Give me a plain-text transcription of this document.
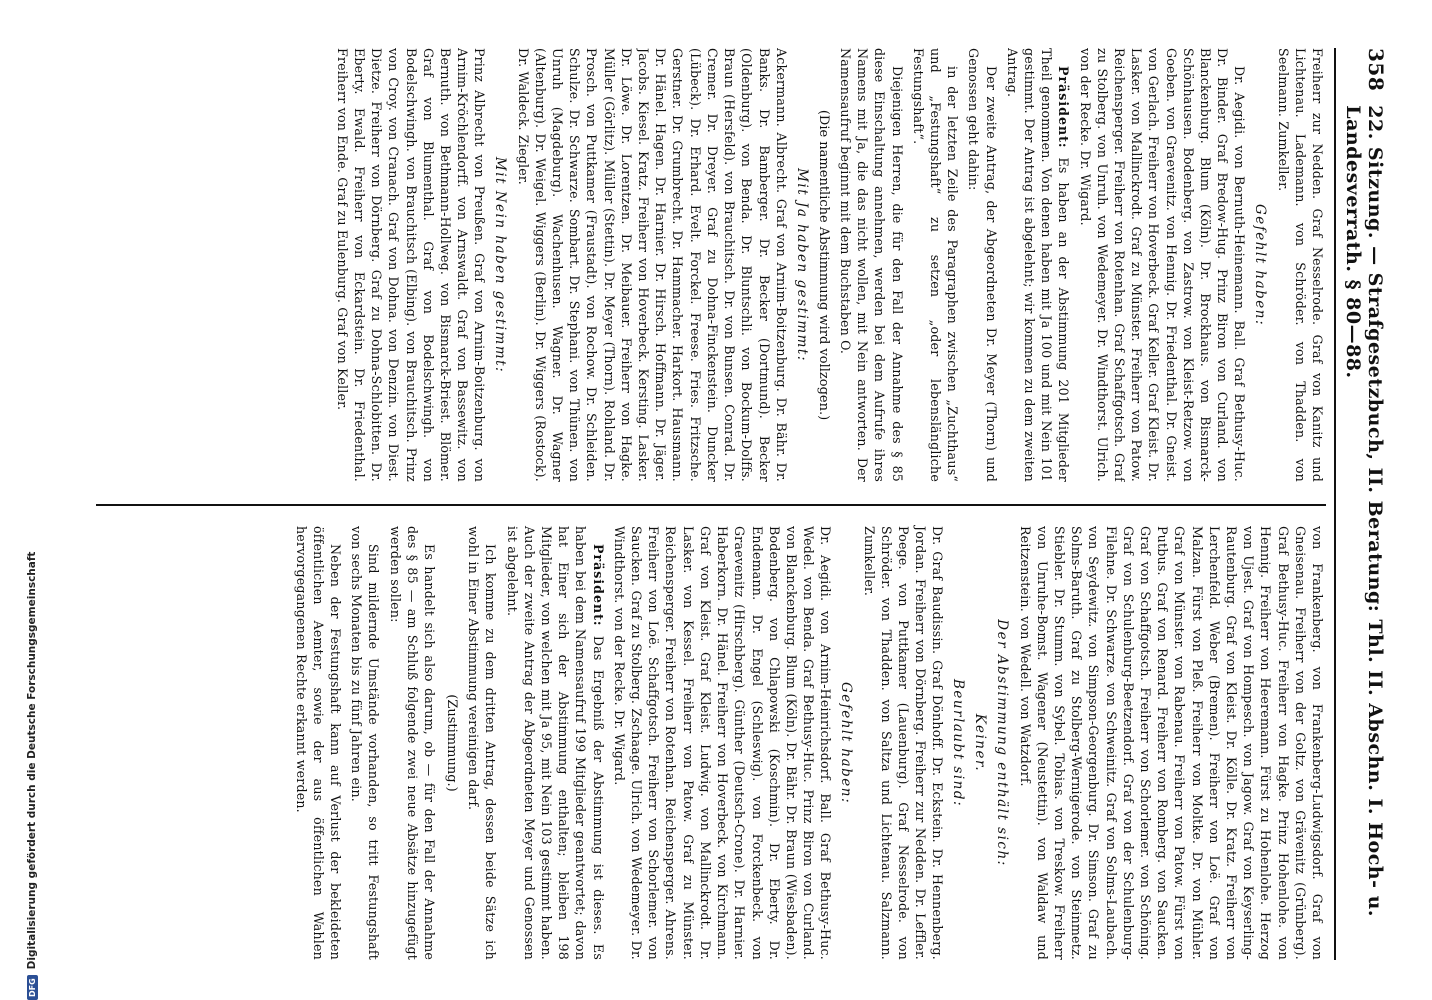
DFG
Digitalisierung gefördert durch die Deutsche Forschungsgemeinschaft
358
22. Sitzung. — Strafgesetzbuch, II. Beratung: Thl. II. Abschn. I. Hoch- u. Landesverrath. § 80—88.

Freiherr zur Nedden. Graf Nesselrode. Graf von Kanitz und Lichtenau. Lademann. von Schröder. von Thadden. von Seelmann. Zumkeller.

Gefehlt haben:

Dr. Aegidi. von Bernuth-Heinemann. Ball. Graf Bethusy-Huc. Dr. Binder. Graf Bredow-Hug. Prinz Biron von Curland. von Blanckenburg. Blum (Köln). Dr. Brockhaus. von Bismarck-Schönhausen. Bodenberg. von Zastrow. von Kleist-Retzow. von Goeben. von Graevenitz. von Hennig. Dr. Friedenthal. Dr. Gneist. von Gerlach. Freiherr von Hoverbeck. Graf Keller. Graf Kleist. Dr. Lasker. von Mallinckrodt. Graf zu Münster. Freiherr von Patow. Reichensperger. Freiherr von Rotenhan. Graf Schaffgotsch. Graf zu Stolberg. von Unruh. von Wedemeyer. Dr. Windthorst. Ulrich. von der Recke. Dr. Wigard.

Präsident: Es haben an der Abstimmung 201 Mitglieder Theil genommen. Von denen haben mit Ja 100 und mit Nein 101 gestimmt. Der Antrag ist abgelehnt; wir kommen zu dem zweiten Antrag.

Der zweite Antrag, der Abgeordneten Dr. Meyer (Thorn) und Genossen geht dahin:

in der letzten Zeile des Paragraphen zwischen „Zuchthaus“ und „Festungshaft“ zu setzen „oder lebenslängliche Festungshaft“.

Diejenigen Herren, die für den Fall der Annahme des § 85 diese Einschaltung annehmen, werden bei dem Aufrufe ihres Namens mit Ja, die das nicht wollen, mit Nein antworten. Der Namensaufruf beginnt mit dem Buchstaben O.

(Die namentliche Abstimmung wird vollzogen.)
Mit Ja haben gestimmt:

Ackermann. Albrecht. Graf von Arnim-Boitzenburg. Dr. Bähr. Dr. Banks. Dr. Bamberger. Dr. Becker (Dortmund). Becker (Oldenburg). von Benda. Dr. Bluntschli. von Bockum-Dolffs. Braun (Hersfeld). von Brauchitsch. Dr. von Bunsen. Conrad. Dr. Cremer. Dr. Dreyer. Graf zu Dohna-Finckenstein. Duncker (Lübeck). Dr. Erhard. Evelt. Forckel. Freese. Fries. Fritzsche. Gerstner. Dr. Grumbrecht. Dr. Hammacher. Harkort. Hausmann. Dr. Hänel. Hagen. Dr. Harnier. Dr. Hirsch. Hoffmann. Dr. Jäger. Jacobs. Kiesel. Kratz. Freiherr von Hoverbeck. Kersting. Lasker. Dr. Löwe. Dr. Lorentzen. Dr. Meibauer. Freiherr von Hagke. Müller (Görlitz). Müller (Stettin). Dr. Meyer (Thorn). Rohland. Dr. Prosch. von Puttkamer (Fraustadt). von Rochow. Dr. Schleiden. Schulze. Dr. Schwarze. Sombart. Dr. Stephani. von Thünen. von Unruh (Magdeburg). Wachenhusen. Wagner. Dr. Wagner (Altenburg). Dr. Weigel. Wiggers (Berlin). Dr. Wiggers (Rostock). Dr. Waldeck. Ziegler.

Mit Nein haben gestimmt:

Prinz Albrecht von Preußen. Graf von Arnim-Boitzenburg. von Arnim-Kröchlendorff. von Arnswaldt. Graf von Bassewitz. von Bernuth. von Bethmann-Hollweg. von Bismarck-Briest. Blömer. Graf von Blumenthal. Graf von Bodelschwingh. von Bodelschwingh. von Brauchitsch (Elbing). von Brauchitsch. Prinz von Croy. von Cranach. Graf von Dohna. von Denzin. von Diest. Dietze. Freiherr von Dörnberg. Graf zu Dohna-Schlobitten. Dr. Eberty. Ewald. Freiherr von Eckardstein. Dr. Friedenthal. Freiherr von Ende. Graf zu Eulenburg. Graf von Keller.

von Frankenberg. von Frankenberg-Ludwigsdorf. Graf von Gneisenau. Freiherr von der Goltz. von Grävenitz (Grünberg). Graf Bethusy-Huc. Freiherr von Hagke. Prinz Hohenlohe. von Hennig. Freiherr von Heeremann. Fürst zu Hohenlohe. Herzog von Ujest. Graf von Hompesch. von Jagow. Graf von Keyserling-Rautenburg. Graf von Kleist. Dr. Kölle. Dr. Kratz. Freiherr von Lerchenfeld. Weber (Bremen). Freiherr von Loë. Graf von Malzan. Fürst von Pleß. Freiherr von Moltke. Dr. von Mühler. Graf von Münster. von Rabenau. Freiherr von Patow. Fürst von Putbus. Graf von Renard. Freiherr von Romberg. von Saucken. Graf von Schaffgotsch. Freiherr von Schorlemer. von Schöning. Graf von Schulenburg-Beetzendorf. Graf von der Schulenburg-Filehne. Dr. Schwarze. von Schweinitz. Graf von Solms-Laubach. von Seydewitz. von Simpson-Georgenburg. Dr. Simson. Graf zu Solms-Baruth. Graf zu Stolberg-Wernigerode. von Steinmetz. Stiebler. Dr. Stumm. von Sybel. Tobias. von Treskow. Freiherr von Unruhe-Bomst. Wagener (Neustettin). von Waldaw und Reitzenstein. von Wedell. von Watzdorf.

Der Abstimmung enthält sich:
Keiner.
Beurlaubt sind:

Dr. Graf Baudissin. Graf Dönhoff. Dr. Eckstein. Dr. Hennenberg. Jordan. Freiherr von Dörnberg. Freiherr zur Nedden. Dr. Leffler. Poege. von Puttkamer (Lauenburg). Graf Nesselrode. von Schröder. von Thadden. von Saltza und Lichtenau. Salzmann. Zumkeller.

Gefehlt haben:

Dr. Aegidi. von Arnim-Heinrichsdorf. Ball. Graf Bethusy-Huc. Wedel. von Benda. Graf Bethusy-Huc. Prinz Biron von Curland. von Blanckenburg. Blum (Köln). Dr. Bähr. Dr. Braun (Wiesbaden). Bodenberg. von Chlapowski (Koschmin). Dr. Eberty. Dr. Endemann. Dr. Engel (Schleswig). von Forckenbeck. von Graevenitz (Hirschberg). Günther (Deutsch-Crone). Dr. Harnier. Haberkorn. Dr. Hänel. Freiherr von Hoverbeck. von Kirchmann. Graf von Kleist. Graf Kleist. Ludwig. von Mallinckrodt. Dr. Lasker. von Kessel. Freiherr von Patow. Graf zu Münster. Reichensperger. Freiherr von Rotenhan. Reichensperger. Ahrens. Freiherr von Loë. Schaffgotsch. Freiherr von Schorlemer. von Saucken. Graf zu Stolberg. Zschaage. Ulrich. von Wedemeyer. Dr. Windthorst. von der Recke. Dr. Wigard.

Präsident: Das Ergebniß der Abstimmung ist dieses. Es haben bei dem Namensaufruf 199 Mitglieder geantwortet; davon hat Einer sich der Abstimmung enthalten; bleiben 198 Mitglieder, von welchen mit Ja 95, mit Nein 103 gestimmt haben. Auch der zweite Antrag der Abgeordneten Meyer und Genossen ist abgelehnt.

Ich komme zu dem dritten Antrag, dessen beide Sätze ich wohl in Einer Abstimmung vereinigen darf.

(Zustimmung.)

Es handelt sich also darum, ob — für den Fall der Annahme des § 85 — am Schluß folgende zwei neue Absätze hinzugefügt werden sollen:

Sind mildernde Umstände vorhanden, so tritt Festungshaft von sechs Monaten bis zu fünf Jahren ein.

Neben der Festungshaft kann auf Verlust der bekleideten öffentlichen Aemter, sowie der aus öffentlichen Wahlen hervorgegangenen Rechte erkannt werden.
